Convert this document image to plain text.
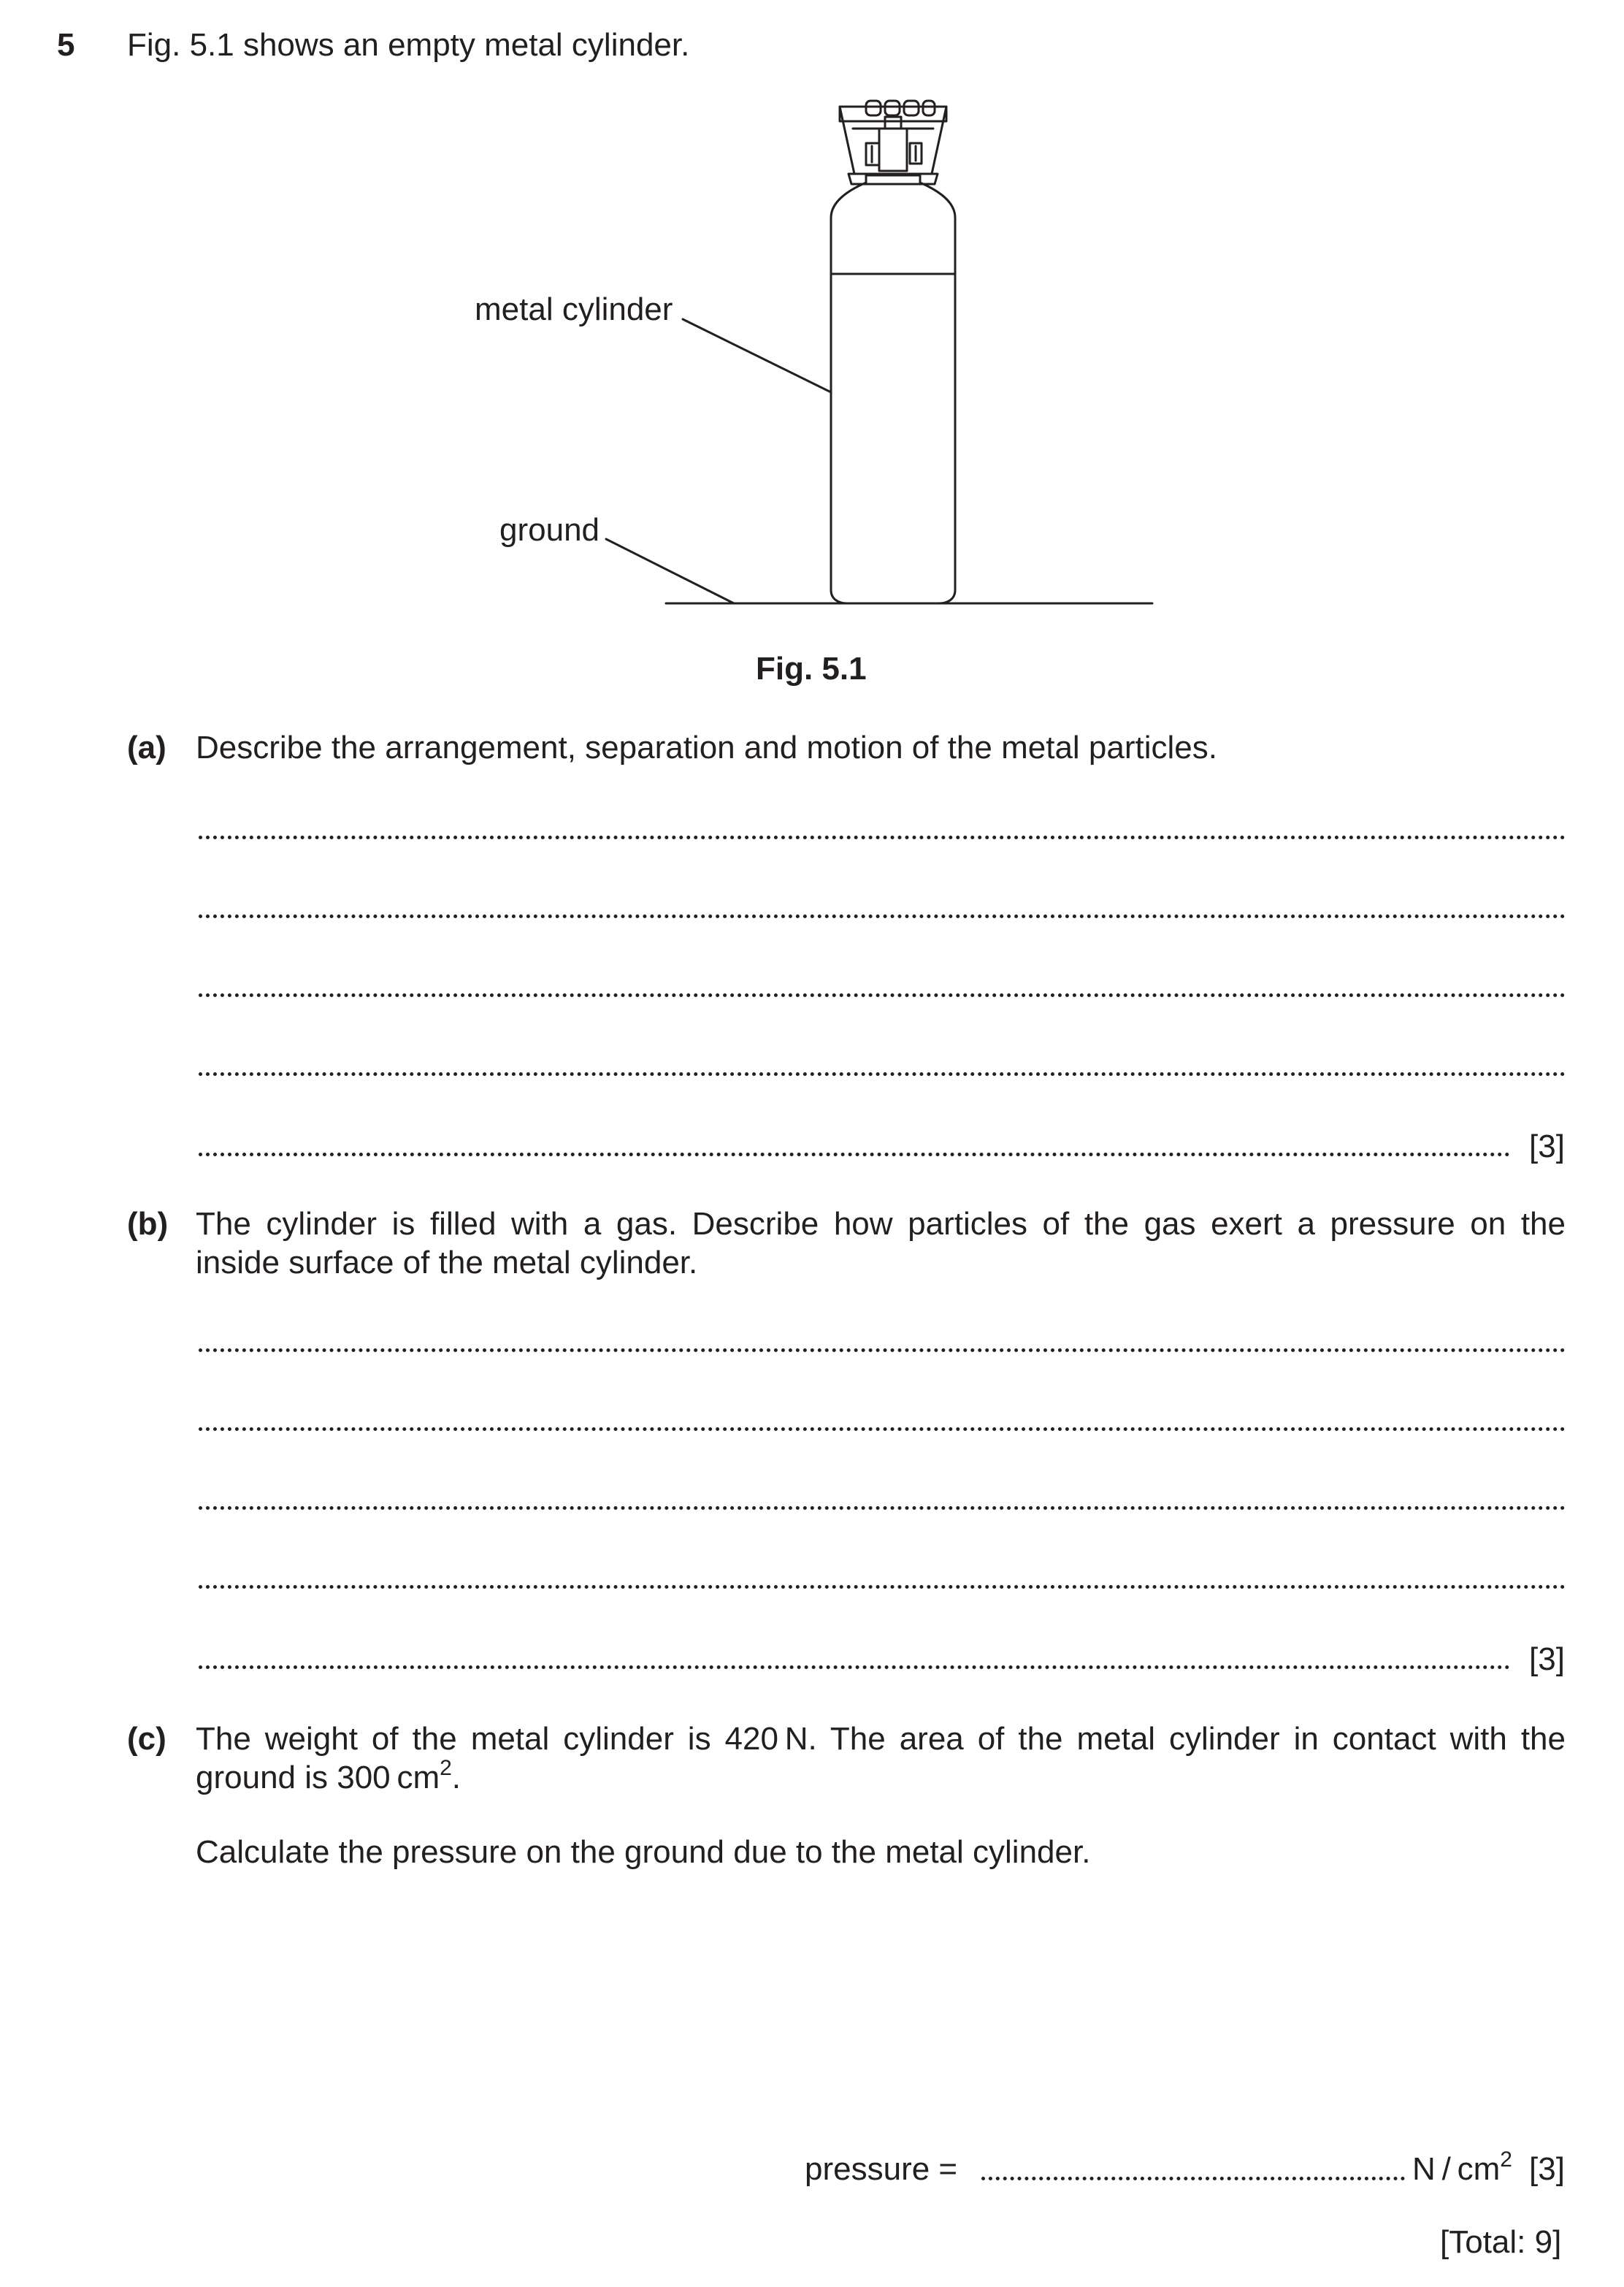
5 Fig. 5.1 shows an empty metal cylinder.
metal cylinder
ground
Fig. 5.1
(a) Describe the arrangement, separation and motion of the metal particles.
[3]
(b) The cylinder is filled with a gas. Describe how particles of the gas exert a pressure on the
inside surface of the metal cylinder.
[3]
(c) The weight of the metal cylinder is 420 N. The area of the metal cylinder in contact with the
ground is 300 $cm^2$.
Calculate the pressure on the ground due to the metal cylinder.
pressure =	N / $cm^2$ [3]
[Total: 9]
